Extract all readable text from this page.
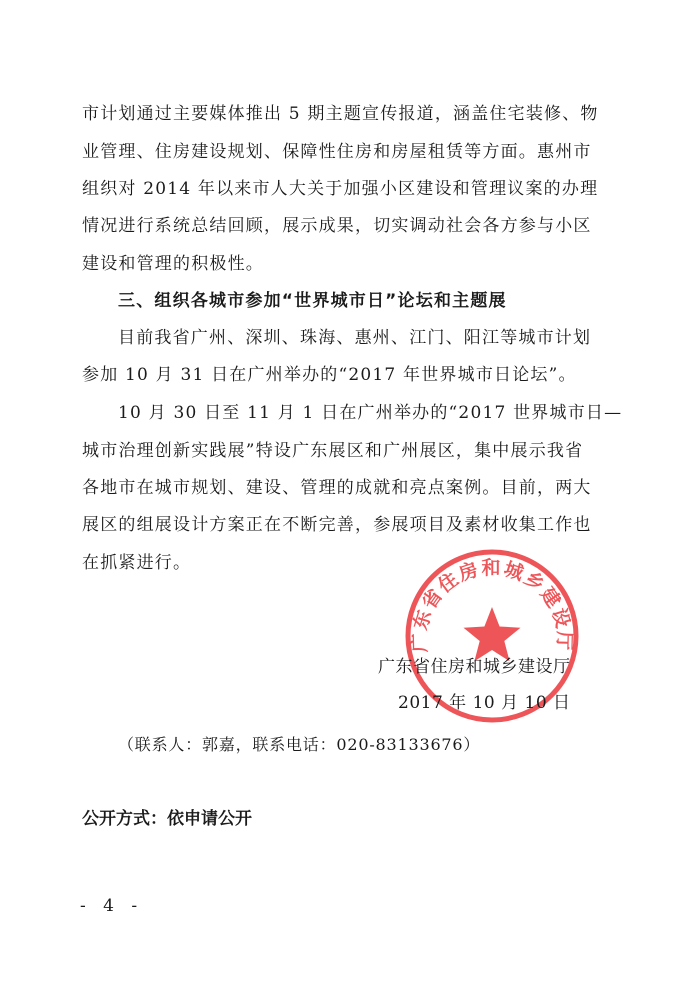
市计划通过主要媒体推出 5 期主题宣传报道，涵盖住宅装修、物
业管理、住房建设规划、保障性住房和房屋租赁等方面。惠州市
组织对 2014 年以来市人大关于加强小区建设和管理议案的办理
情况进行系统总结回顾，展示成果，切实调动社会各方参与小区
建设和管理的积极性。
三、组织各城市参加“世界城市日”论坛和主题展
目前我省广州、深圳、珠海、惠州、江门、阳江等城市计划
参加 10 月 31 日在广州举办的“2017 年世界城市日论坛”。
10 月 30 日至 11 月 1 日在广州举办的“2017 世界城市日—
城市治理创新实践展”特设广东展区和广州展区，集中展示我省
各地市在城市规划、建设、管理的成就和亮点案例。目前，两大
展区的组展设计方案正在不断完善，参展项目及素材收集工作也
在抓紧进行。
广东省住房和城乡建设厅
广东省住房和城乡建设厅
2017 年 10 月 10 日
（联系人：郭嘉，联系电话：020-83133676）
公开方式：依申请公开
- 4 -
